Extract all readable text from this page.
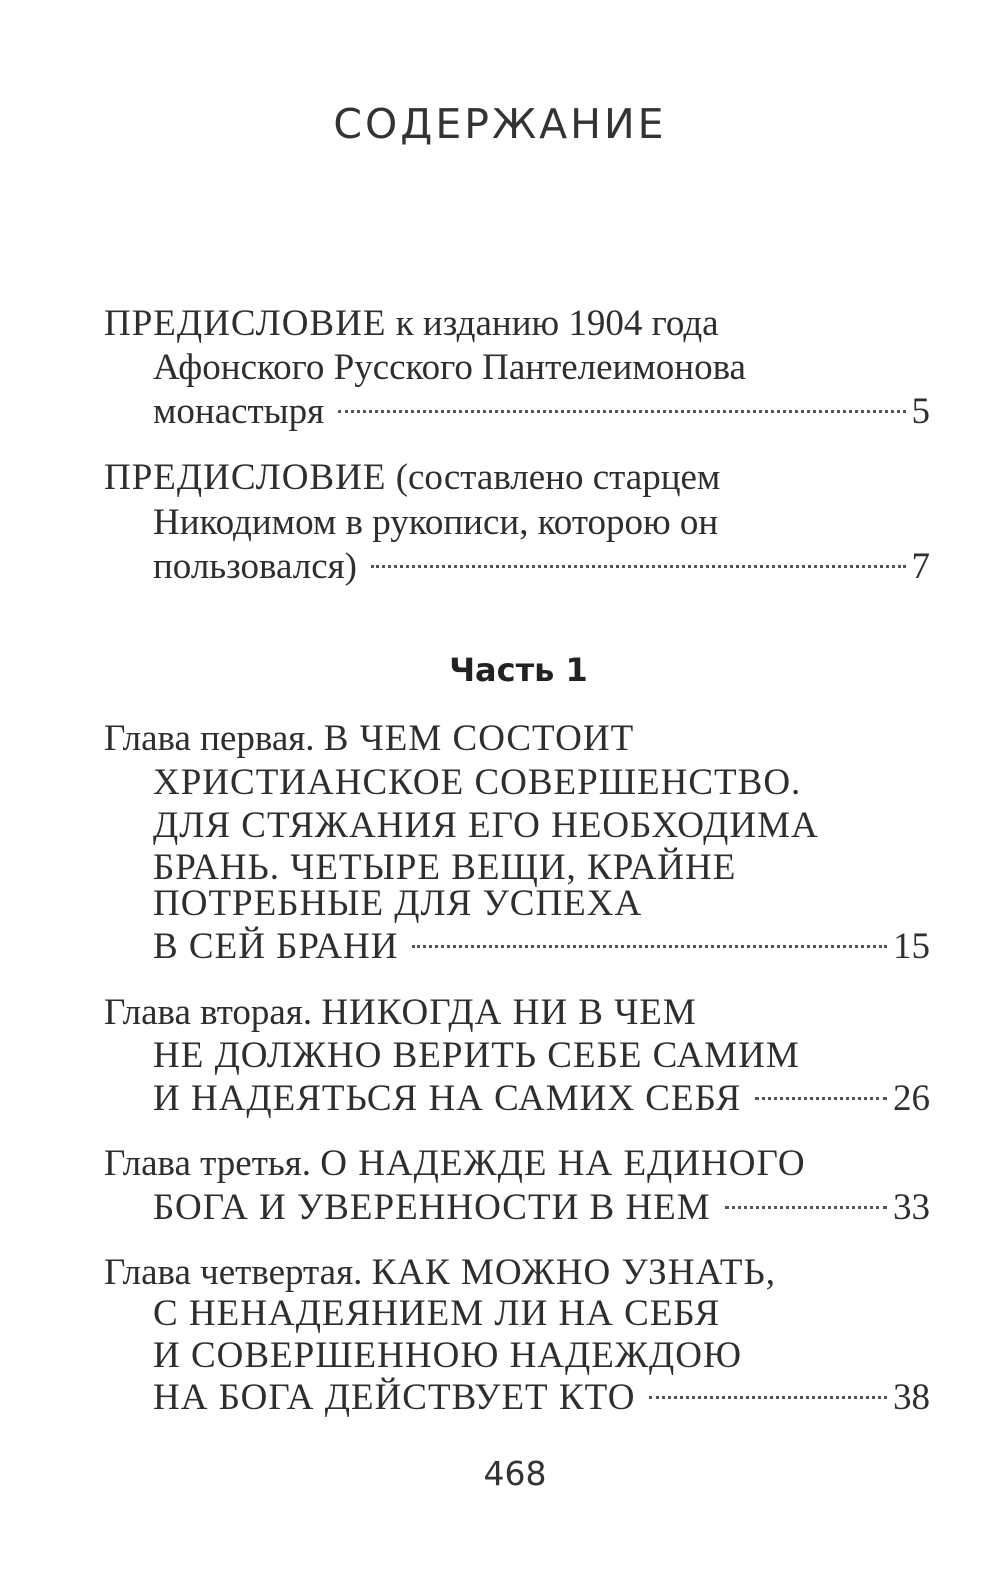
СОДЕРЖАНИЕ
ПРЕДИСЛОВИЕ к изданию 1904 года
Афонского Русского Пантелеимонова
монастыря	5
ПРЕДИСЛОВИЕ (составлено старцем
Никодимом в рукописи, которою он
пользовался)	7
Часть 1
Глава первая. В ЧЕМ СОСТОИТ
ХРИСТИАНСКОЕ СОВЕРШЕНСТВО.
ДЛЯ СТЯЖАНИЯ ЕГО НЕОБХОДИМА
БРАНЬ. ЧЕТЫРЕ ВЕЩИ, КРАЙНЕ
ПОТРЕБНЫЕ ДЛЯ УСПЕХА
В СЕЙ БРАНИ	15
Глава вторая. НИКОГДА НИ В ЧЕМ
НЕ ДОЛЖНО ВЕРИТЬ СЕБЕ САМИМ
И НАДЕЯТЬСЯ НА САМИХ СЕБЯ	26
Глава третья. О НАДЕЖДЕ НА ЕДИНОГО
БОГА И УВЕРЕННОСТИ В НЕМ	33
Глава четвертая. КАК МОЖНО УЗНАТЬ,
С НЕНАДЕЯНИЕМ ЛИ НА СЕБЯ
И СОВЕРШЕННОЮ НАДЕЖДОЮ
НА БОГА ДЕЙСТВУЕТ КТО	38
468
